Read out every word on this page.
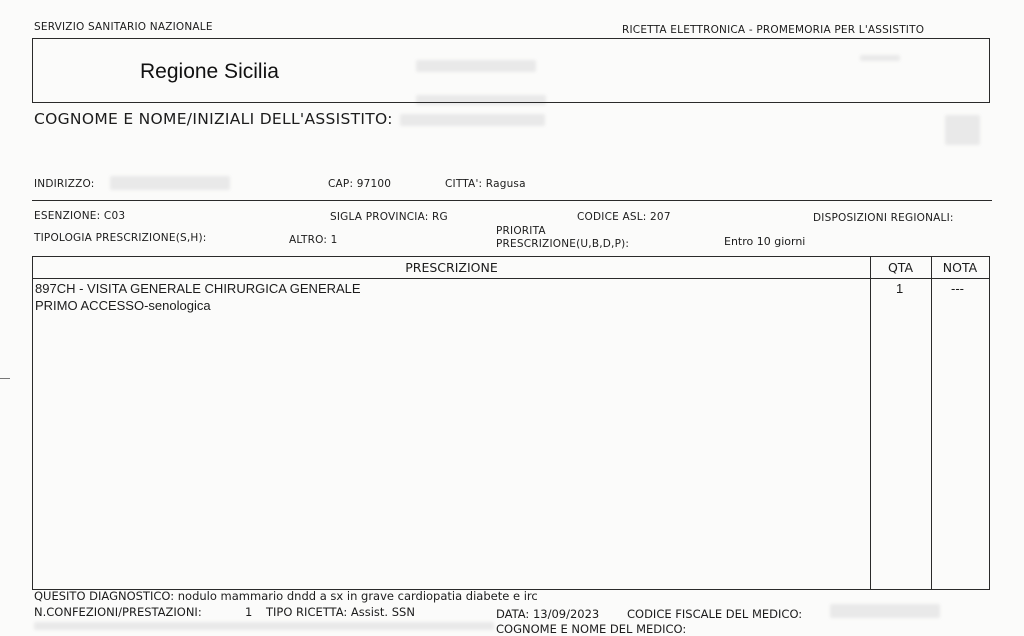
SERVIZIO SANITARIO NAZIONALE	RICETTA ELETTRONICA - PROMEMORIA PER L'ASSISTITO
Regione Sicilia
COGNOME E NOME/INIZIALI DELL'ASSISTITO:
INDIRIZZO:	CAP: 97100	CITTA': Ragusa
ESENZIONE: C03	SIGLA PROVINCIA: RG	CODICE ASL: 207	DISPOSIZIONI REGIONALI:
TIPOLOGIA PRESCRIZIONE(S,H):	ALTRO: 1
PRIORITA
PRESCRIZIONE(U,B,D,P):	Entro 10 giorni
PRESCRIZIONE	QTA	NOTA
897CH - VISITA GENERALE CHIRURGICA GENERALE
PRIMO ACCESSO-senologica
1	---
QUESITO DIAGNOSTICO: nodulo mammario dndd a sx in grave cardiopatia diabete e irc
N.CONFEZIONI/PRESTAZIONI:	1 TIPO RICETTA: Assist. SSN	DATA: 13/09/2023 CODICE FISCALE DEL MEDICO:
COGNOME E NOME DEL MEDICO:
